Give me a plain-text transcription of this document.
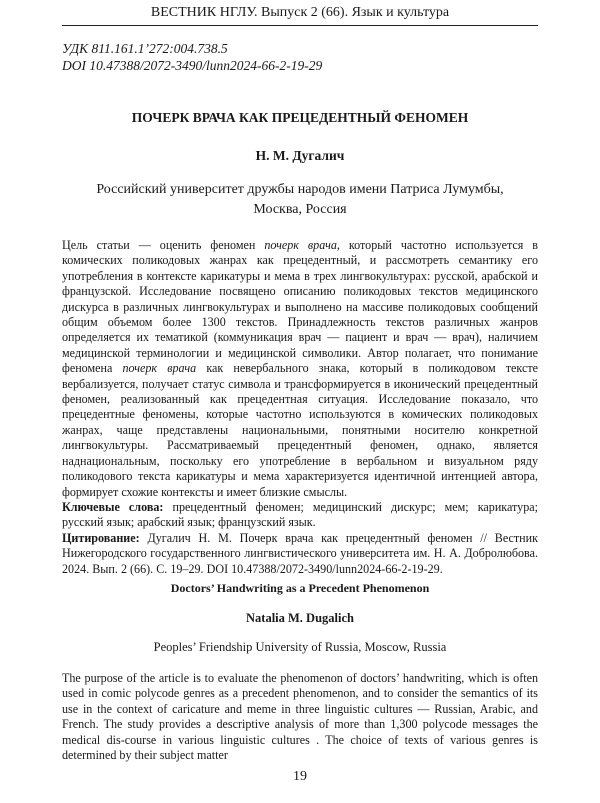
ВЕСТНИК НГЛУ. Выпуск 2 (66). Язык и культура
УДК 811.161.1’272:004.738.5
DOI 10.47388/2072-3490/lunn2024-66-2-19-29
ПОЧЕРК ВРАЧА КАК ПРЕЦЕДЕНТНЫЙ ФЕНОМЕН
Н. М. Дугалич
Российский университет дружбы народов имени Патриса Лумумбы,
Москва, Россия

Цель статьи — оценить феномен почерк врача, который частотно используется в комических поликодовых жанрах как прецедентный, и рассмотреть семантику его употребления в контексте карикатуры и мема в трех лингвокультурах: русской, арабской и французской. Исследование посвящено описанию поликодовых текстов медицинского дискурса в различных лингвокультурах и выполнено на массиве поликодовых сообщений общим объемом более 1300 текстов. Принадлежность текстов различных жанров определяется их тематикой (коммуникация врач — пациент и врач — врач), наличием медицинской терминологии и медицинской символики. Автор полагает, что понимание феномена почерк врача как невербального знака, который в поликодовом тексте вербализуется, получает статус символа и трансформируется в иконический прецедентный феномен, реализованный как прецедентная ситуация. Исследование показало, что прецедентные феномены, которые частотно используются в комических поликодовых жанрах, чаще представлены национальными, понятными носителю конкретной лингвокультуры. Рассматриваемый прецедентный феномен, однако, является наднациональным, поскольку его употребление в вербальном и визуальном ряду поликодового текста карикатуры и мема характеризуется идентичной интенцией автора, формирует схожие контексты и имеет близкие смыслы.

Ключевые слова: прецедентный феномен; медицинский дискурс; мем; карикатура; русский язык; арабский язык; французский язык.

Цитирование: Дугалич Н. М. Почерк врача как прецедентный феномен // Вестник Нижегородского государственного лингвистического университета им. Н. А. Добролюбова. 2024. Вып. 2 (66). С. 19–29. DOI 10.47388/2072-3490/lunn2024-66-2-19-29.

Doctors’ Handwriting as a Precedent Phenomenon
Natalia M. Dugalich
Peoples’ Friendship University of Russia, Moscow, Russia
The purpose of the article is to evaluate the phenomenon of doctors’ handwriting, which is often used in comic polycode genres as a precedent phenomenon, and to consider the semantics of its use in the context of caricature and meme in three linguistic cultures — Russian, Arabic, and French. The study provides a descriptive analysis of more than 1,300 polycode messages the medical dis-course in various linguistic cultures . The choice of texts of various genres is determined by their subject matter
19
